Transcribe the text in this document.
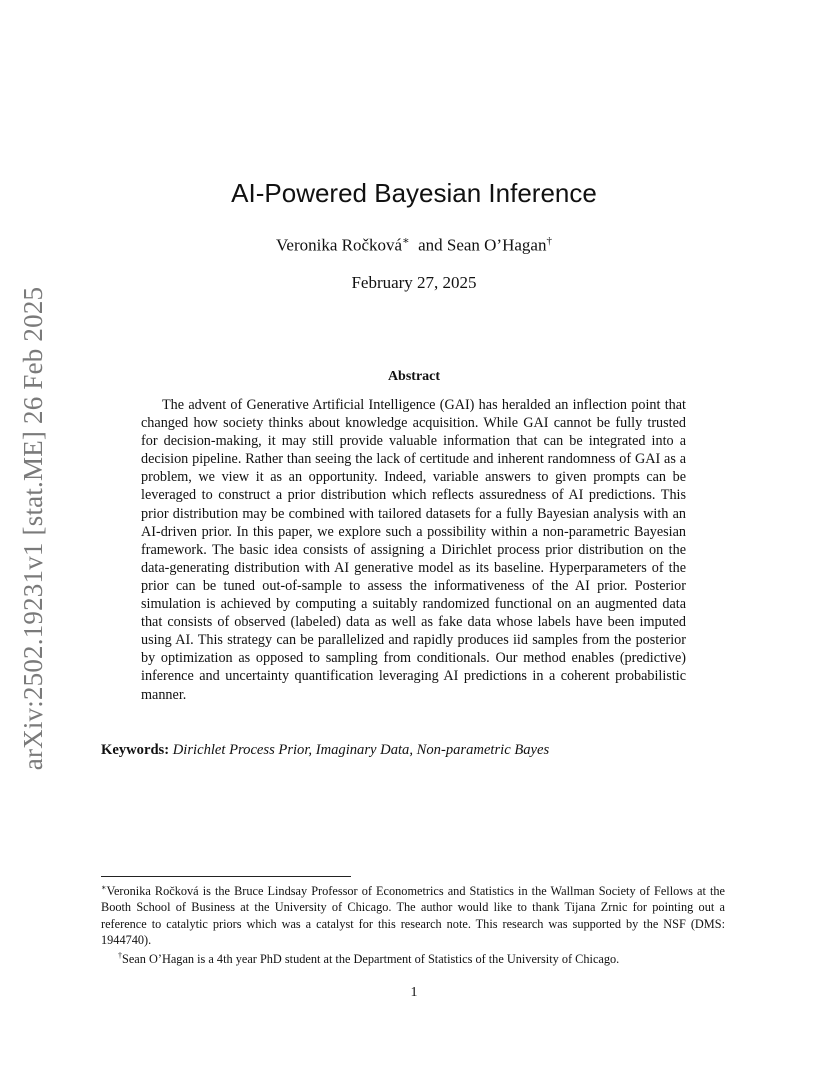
arXiv:2502.19231v1 [stat.ME] 26 Feb 2025
AI-Powered Bayesian Inference
Veronika Ročková∗ and Sean O’Hagan†
February 27, 2025
Abstract
The advent of Generative Artificial Intelligence (GAI) has heralded an inflection point that changed how society thinks about knowledge acquisition. While GAI cannot be fully trusted for decision-making, it may still provide valuable information that can be integrated into a decision pipeline. Rather than seeing the lack of certitude and inherent randomness of GAI as a problem, we view it as an opportunity. Indeed, variable answers to given prompts can be leveraged to construct a prior distribution which reflects assuredness of AI predictions. This prior distribution may be combined with tailored datasets for a fully Bayesian analysis with an AI-driven prior. In this paper, we explore such a possibility within a non-parametric Bayesian framework. The basic idea consists of assigning a Dirichlet process prior distribution on the data-generating distribution with AI generative model as its baseline. Hyperparameters of the prior can be tuned out-of-sample to assess the informativeness of the AI prior. Posterior simulation is achieved by computing a suitably randomized functional on an augmented data that consists of observed (labeled) data as well as fake data whose labels have been imputed using AI. This strategy can be parallelized and rapidly produces iid samples from the posterior by optimization as opposed to sampling from conditionals. Our method enables (predictive) inference and uncertainty quantification leveraging AI predictions in a coherent probabilistic manner.
Keywords: Dirichlet Process Prior, Imaginary Data, Non-parametric Bayes

∗Veronika Ročková is the Bruce Lindsay Professor of Econometrics and Statistics in the Wallman Society of Fellows at the Booth School of Business at the University of Chicago. The author would like to thank Tijana Zrnic for pointing out a reference to catalytic priors which was a catalyst for this research note. This research was supported by the NSF (DMS: 1944740).

†Sean O’Hagan is a 4th year PhD student at the Department of Statistics of the University of Chicago.

1
